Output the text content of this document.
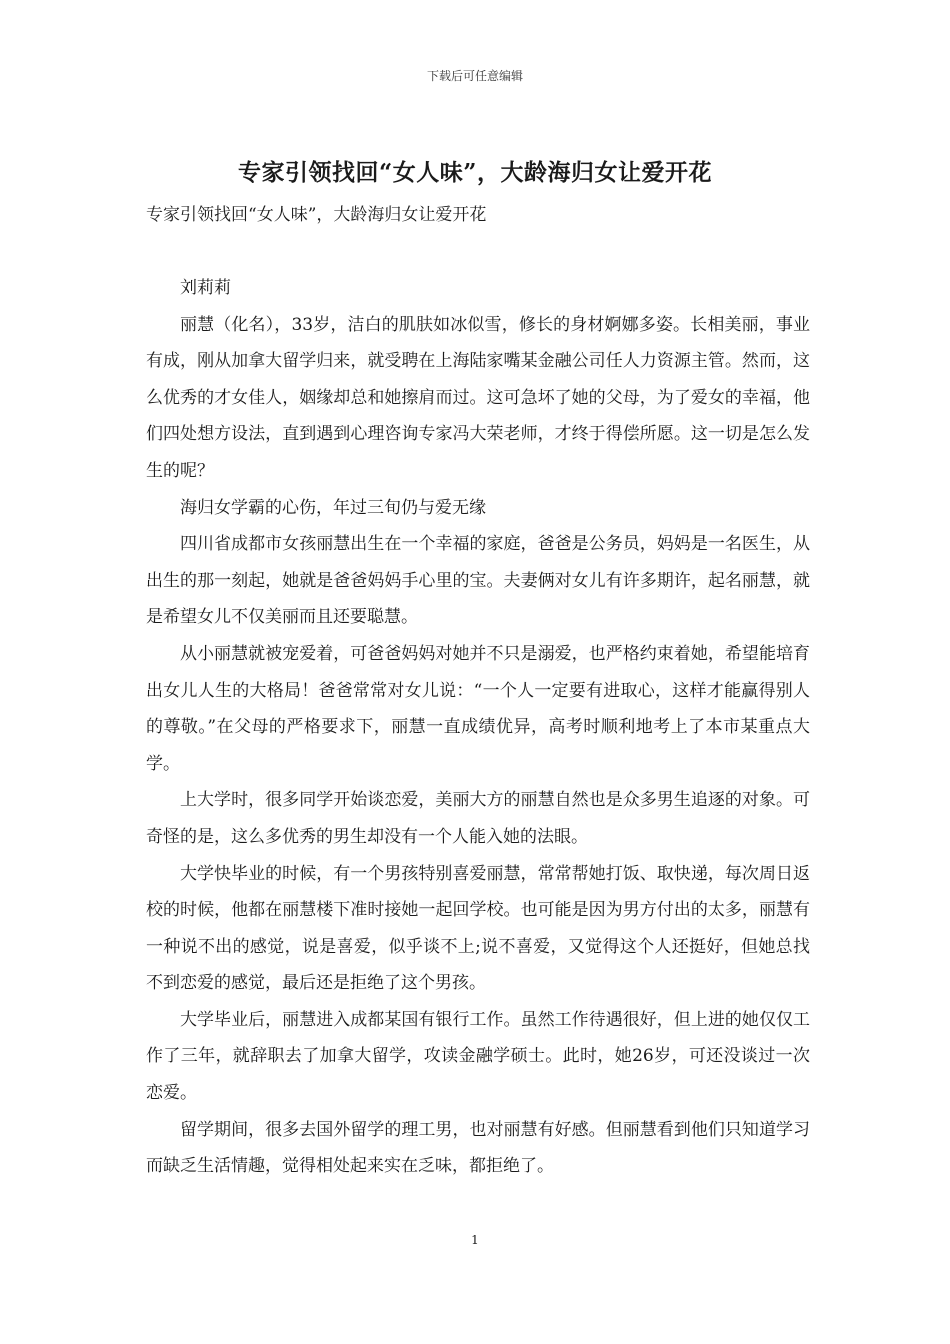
下载后可任意编辑
专家引领找回“女人味”，大龄海归女让爱开花
专家引领找回“女人味”，大龄海归女让爱开花

刘莉莉

丽慧（化名），33岁，洁白的肌肤如冰似雪，修长的身材婀娜多姿。长相美丽，事业有成，刚从加拿大留学归来，就受聘在上海陆家嘴某金融公司任人力资源主管。然而，这么优秀的才女佳人，姻缘却总和她擦肩而过。这可急坏了她的父母，为了爱女的幸福，他们四处想方设法，直到遇到心理咨询专家冯大荣老师，才终于得偿所愿。这一切是怎么发生的呢？

海归女学霸的心伤，年过三旬仍与爱无缘

四川省成都市女孩丽慧出生在一个幸福的家庭，爸爸是公务员，妈妈是一名医生，从出生的那一刻起，她就是爸爸妈妈手心里的宝。夫妻俩对女儿有许多期许，起名丽慧，就是希望女儿不仅美丽而且还要聪慧。

从小丽慧就被宠爱着，可爸爸妈妈对她并不只是溺爱，也严格约束着她，希望能培育出女儿人生的大格局！爸爸常常对女儿说：“一个人一定要有进取心，这样才能赢得别人的尊敬。”在父母的严格要求下，丽慧一直成绩优异，高考时顺利地考上了本市某重点大学。

上大学时，很多同学开始谈恋爱，美丽大方的丽慧自然也是众多男生追逐的对象。可奇怪的是，这么多优秀的男生却没有一个人能入她的法眼。

大学快毕业的时候，有一个男孩特别喜爱丽慧，常常帮她打饭、取快递，每次周日返校的时候，他都在丽慧楼下准时接她一起回学校。也可能是因为男方付出的太多，丽慧有一种说不出的感觉，说是喜爱，似乎谈不上;说不喜爱，又觉得这个人还挺好，但她总找不到恋爱的感觉，最后还是拒绝了这个男孩。

大学毕业后，丽慧进入成都某国有银行工作。虽然工作待遇很好，但上进的她仅仅工作了三年，就辞职去了加拿大留学，攻读金融学硕士。此时，她26岁，可还没谈过一次恋爱。

留学期间，很多去国外留学的理工男，也对丽慧有好感。但丽慧看到他们只知道学习而缺乏生活情趣，觉得相处起来实在乏味，都拒绝了。

1
